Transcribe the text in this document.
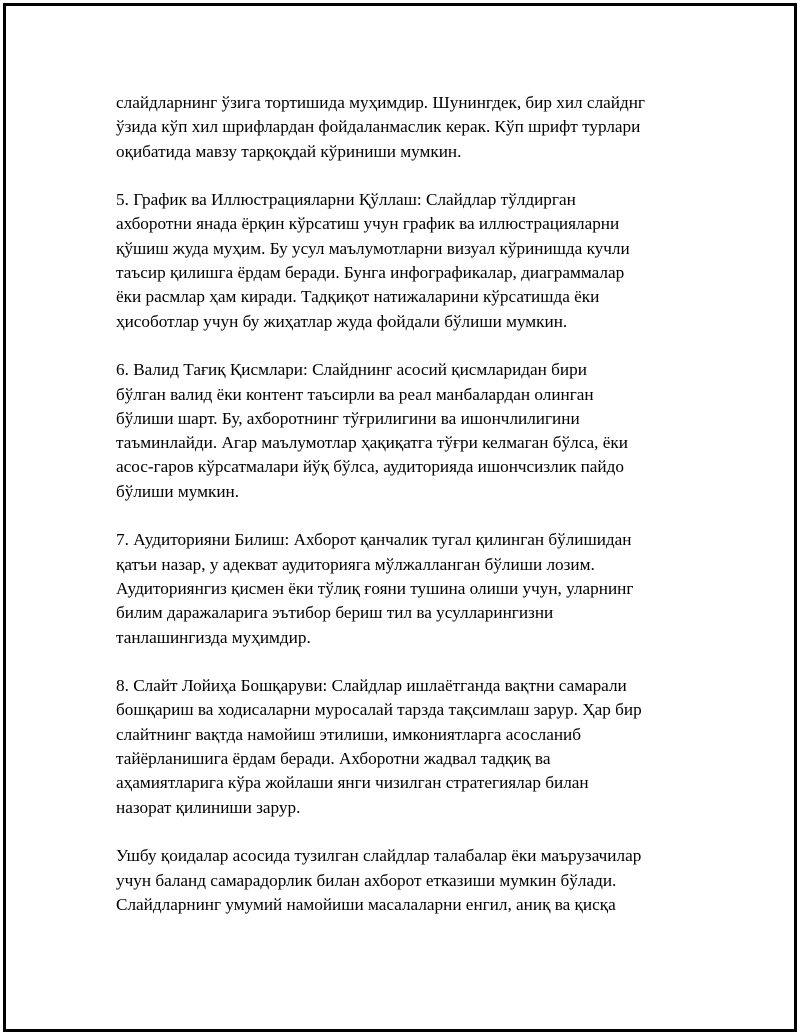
слайдларнинг ўзига тортишида муҳимдир. Шунингдек, бир хил слайднг
ўзида кўп хил шрифлардан фойдаланмаслик керак. Кўп шрифт турлари
оқибатида мавзу тарқоқдай кўриниши мумкин.

5. График ва Иллюстрацияларни Қўллаш: Слайдлар тўлдирган
ахборотни янада ёрқин кўрсатиш учун график ва иллюстрацияларни
қўшиш жуда муҳим. Бу усул маълумотларни визуал кўринишда кучли
таъсир қилишга ёрдам беради. Бунга инфографикалар, диаграммалар
ёки расмлар ҳам киради. Тадқиқот натижаларини кўрсатишда ёки
ҳисоботлар учун бу жиҳатлар жуда фойдали бўлиши мумкин.

6. Валид Тағиқ Қисмлари: Слайднинг асосий қисмларидан бири
бўлган валид ёки контент таъсирли ва реал манбалардан олинган
бўлиши шарт. Бу, ахборотнинг тўғрилигини ва ишончлилигини
таъминлайди. Агар маълумотлар ҳақиқатга тўғри келмаган бўлса, ёки
асос-гаров кўрсатмалари йўқ бўлса, аудиторияда ишончсизлик пайдо
бўлиши мумкин.

7. Аудиторияни Билиш: Ахборот қанчалик тугал қилинган бўлишидан
қатъи назар, у адекват аудиторияга мўлжалланган бўлиши лозим.
Аудиториянгиз қисмен ёки тўлиқ ғояни тушина олиши учун, уларнинг
билим даражаларига эътибор бериш тил ва усулларингизни
танлашингизда муҳимдир.

8. Слайт Лойиҳа Бошқаруви: Слайдлар ишлаётганда вақтни самарали
бошқариш ва ходисаларни муросалай тарзда тақсимлаш зарур. Ҳар бир
слайтнинг вақтда намойиш этилиши, имкониятларга асосланиб
тайёрланишига ёрдам беради. Ахборотни жадвал тадқиқ ва
аҳамиятларига кўра жойлаши янги чизилган стратегиялар билан
назорат қилиниши зарур.

Ушбу қоидалар асосида тузилган слайдлар талабалар ёки маърузачилар
учун баланд самарадорлик билан ахборот етказиши мумкин бўлади.
Слайдларнинг умумий намойиши масалаларни енгил, аниқ ва қисқа
